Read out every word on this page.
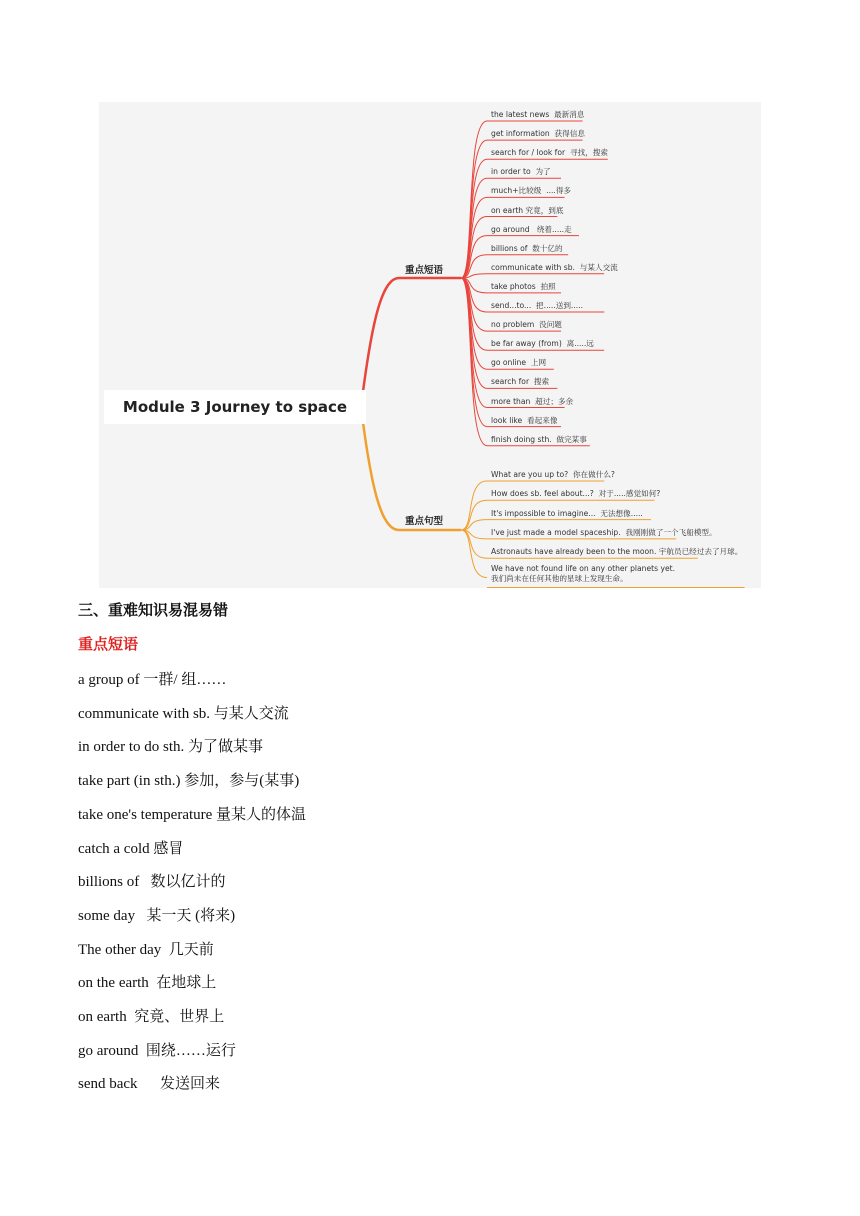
Module 3 Journey to space
重点短语
重点句型
the latest news  最新消息
get information  获得信息
search for / look for  寻找，搜索
in order to  为了
much+比较级  ....得多
on earth 究竟，到底
go around   绕着.....走
billions of  数十亿的
communicate with sb.  与某人交流
take photos  拍照
send...to...  把.....送到.....
no problem  没问题
be far away (from)  离.....远
go online  上网
search for  搜索
more than  超过；多余
look like  看起来像
finish doing sth.  做完某事
What are you up to?  你在做什么?
How does sb. feel about...?  对于.....感觉如何?
It's impossible to imagine...  无法想像.....
I've just made a model spaceship.  我刚刚做了一个飞船模型。
Astronauts have already been to the moon. 宇航员已经过去了月球。
We have not found life on any other planets yet.
我们尚未在任何其他的星球上发现生命。
三、重难知识易混易错
重点短语
a group of 一群/ 组……
communicate with sb. 与某人交流
in order to do sth. 为了做某事
take part (in sth.) 参加，参与(某事)
take one's temperature 量某人的体温
catch a cold 感冒
billions of   数以亿计的
some day   某一天 (将来)
The other day  几天前
on the earth  在地球上
on earth  究竟、世界上
go around  围绕……运行
send back      发送回来
